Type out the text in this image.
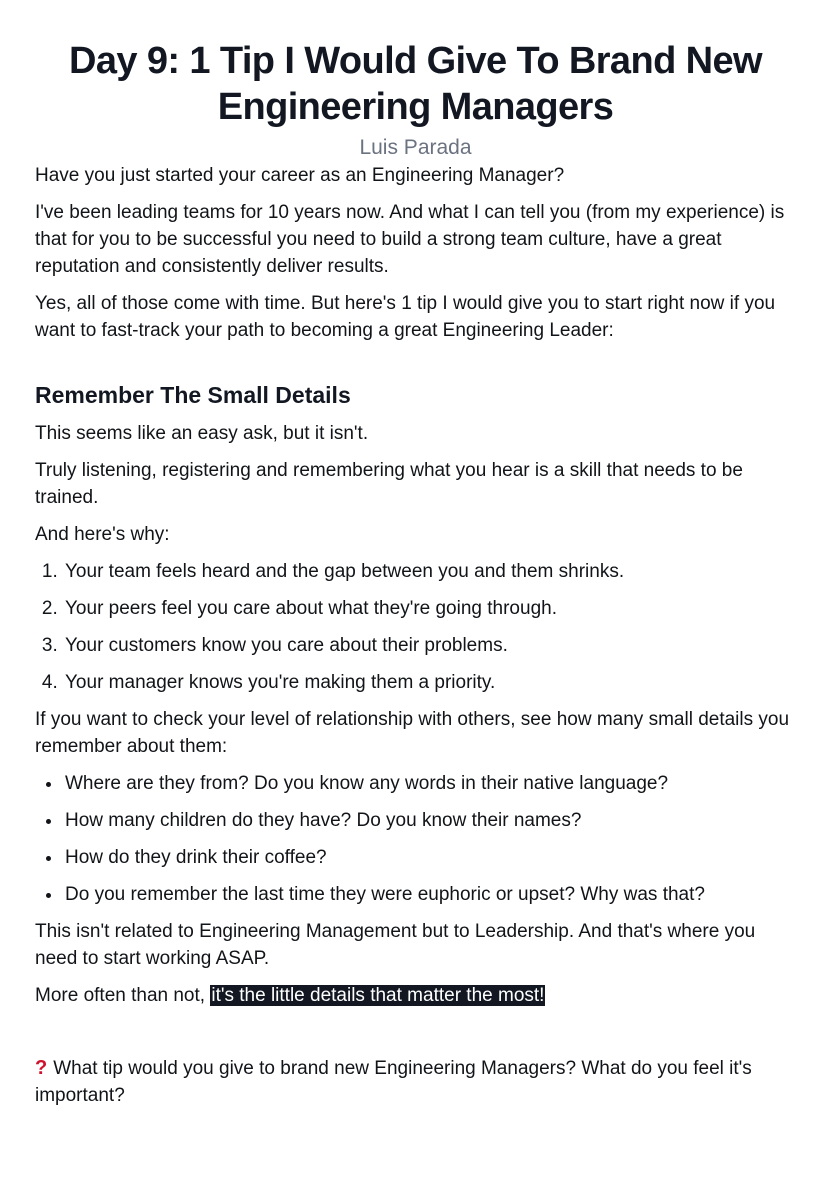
Day 9: 1 Tip I Would Give To Brand New Engineering Managers
Luis Parada

Have you just started your career as an Engineering Manager?

I've been leading teams for 10 years now. And what I can tell you (from my experience) is that for you to be successful you need to build a strong team culture, have a great reputation and consistently deliver results.

Yes, all of those come with time. But here's 1 tip I would give you to start right now if you want to fast-track your path to becoming a great Engineering Leader:

Remember The Small Details

This seems like an easy ask, but it isn't.

Truly listening, registering and remembering what you hear is a skill that needs to be trained.

And here's why:

1. Your team feels heard and the gap between you and them shrinks.
2. Your peers feel you care about what they're going through.
3. Your customers know you care about their problems.
4. Your manager knows you're making them a priority.

If you want to check your level of relationship with others, see how many small details you remember about them:

• Where are they from? Do you know any words in their native language?
• How many children do they have? Do you know their names?
• How do they drink their coffee?
• Do you remember the last time they were euphoric or upset? Why was that?

This isn't related to Engineering Management but to Leadership. And that's where you need to start working ASAP.

More often than not, it's the little details that matter the most!

? What tip would you give to brand new Engineering Managers? What do you feel it's important?
